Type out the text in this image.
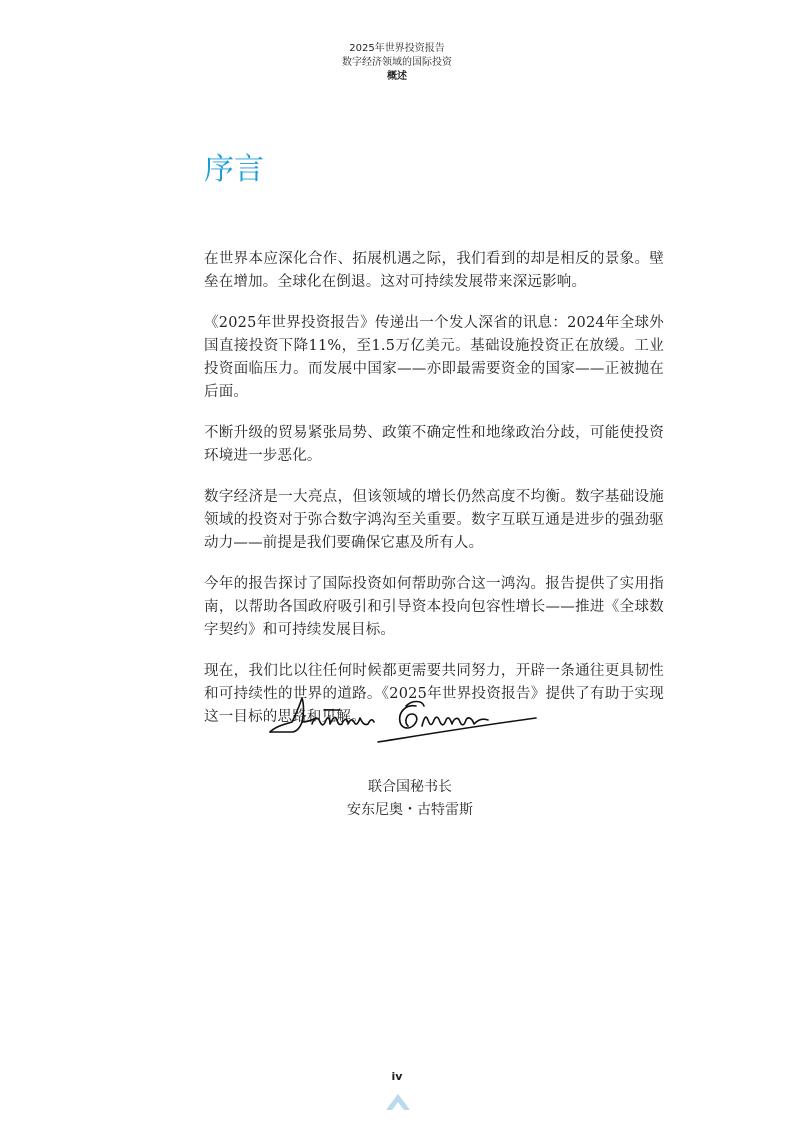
2025年世界投资报告
数字经济领域的国际投资
概述
序言

在世界本应深化合作、拓展机遇之际，我们看到的却是相反的景象。壁垒在增加。全球化在倒退。这对可持续发展带来深远影响。

《2025年世界投资报告》传递出一个发人深省的讯息：2024年全球外国直接投资下降11%，至1.5万亿美元。基础设施投资正在放缓。工业投资面临压力。而发展中国家——亦即最需要资金的国家——正被抛在后面。

不断升级的贸易紧张局势、政策不确定性和地缘政治分歧，可能使投资环境进一步恶化。

数字经济是一大亮点，但该领域的增长仍然高度不均衡。数字基础设施领域的投资对于弥合数字鸿沟至关重要。数字互联互通是进步的强劲驱动力——前提是我们要确保它惠及所有人。

今年的报告探讨了国际投资如何帮助弥合这一鸿沟。报告提供了实用指南，以帮助各国政府吸引和引导资本投向包容性增长——推进《全球数字契约》和可持续发展目标。

现在，我们比以往任何时候都更需要共同努力，开辟一条通往更具韧性和可持续性的世界的道路。《2025年世界投资报告》提供了有助于实现这一目标的思路和见解。

联合国秘书长
安东尼奥・古特雷斯
iv
